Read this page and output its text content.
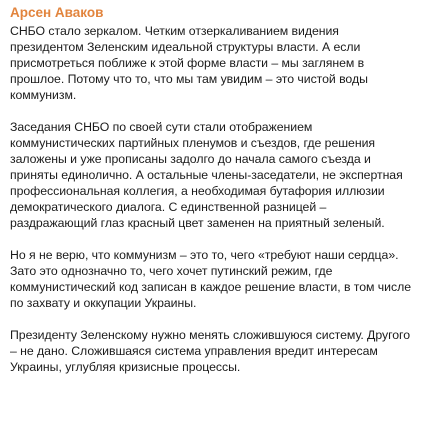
Арсен Аваков

СНБО стало зеркалом. Четким отзеркаливанием видения президентом Зеленским идеальной структуры власти. А если присмотреться поближе к этой форме власти – мы заглянем в прошлое. Потому что то, что мы там увидим – это чистой воды коммунизм.

Заседания СНБО по своей сути стали отображением коммунистических партийных пленумов и съездов, где решения заложены и уже прописаны задолго до начала самого съезда и приняты единолично. А остальные члены-заседатели, не экспертная профессиональная коллегия, а необходимая бутафория иллюзии демократического диалога. С единственной разницей – раздражающий глаз красный цвет заменен на приятный зеленый.

Но я не верю, что коммунизм – это то, чего «требуют наши сердца». Зато это однозначно то, чего хочет путинский режим, где коммунистический код записан в каждое решение власти, в том числе по захвату и оккупации Украины.

Президенту Зеленскому нужно менять сложившуюся систему. Другого – не дано. Сложившаяся система управления вредит интересам Украины, углубляя кризисные процессы.
